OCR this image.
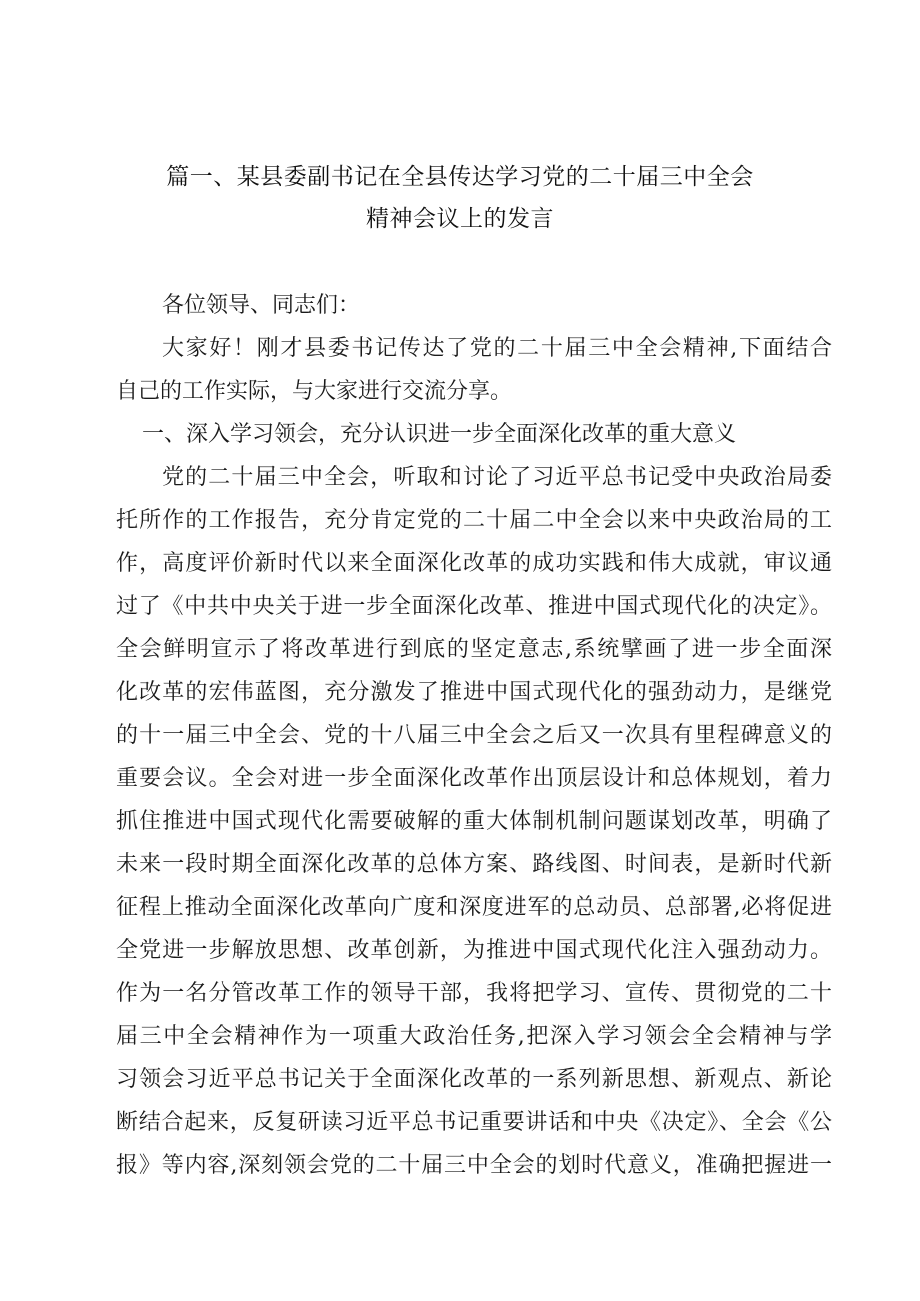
篇一、某县委副书记在全县传达学习党的二十届三中全会
精神会议上的发言
各位领导、同志们：
大家好！刚才县委书记传达了党的二十届三中全会精神,下面结合
自己的工作实际，与大家进行交流分享。
一、深入学习领会，充分认识进一步全面深化改革的重大意义
党的二十届三中全会，听取和讨论了习近平总书记受中央政治局委
托所作的工作报告，充分肯定党的二十届二中全会以来中央政治局的工
作，高度评价新时代以来全面深化改革的成功实践和伟大成就，审议通
过了《中共中央关于进一步全面深化改革、推进中国式现代化的决定》。
全会鲜明宣示了将改革进行到底的坚定意志,系统擘画了进一步全面深
化改革的宏伟蓝图，充分激发了推进中国式现代化的强劲动力，是继党
的十一届三中全会、党的十八届三中全会之后又一次具有里程碑意义的
重要会议。全会对进一步全面深化改革作出顶层设计和总体规划，着力
抓住推进中国式现代化需要破解的重大体制机制问题谋划改革，明确了
未来一段时期全面深化改革的总体方案、路线图、时间表，是新时代新
征程上推动全面深化改革向广度和深度进军的总动员、总部署,必将促进
全党进一步解放思想、改革创新，为推进中国式现代化注入强劲动力。
作为一名分管改革工作的领导干部，我将把学习、宣传、贯彻党的二十
届三中全会精神作为一项重大政治任务,把深入学习领会全会精神与学
习领会习近平总书记关于全面深化改革的一系列新思想、新观点、新论
断结合起来，反复研读习近平总书记重要讲话和中央《决定》、全会《公
报》等内容,深刻领会党的二十届三中全会的划时代意义，准确把握进一
